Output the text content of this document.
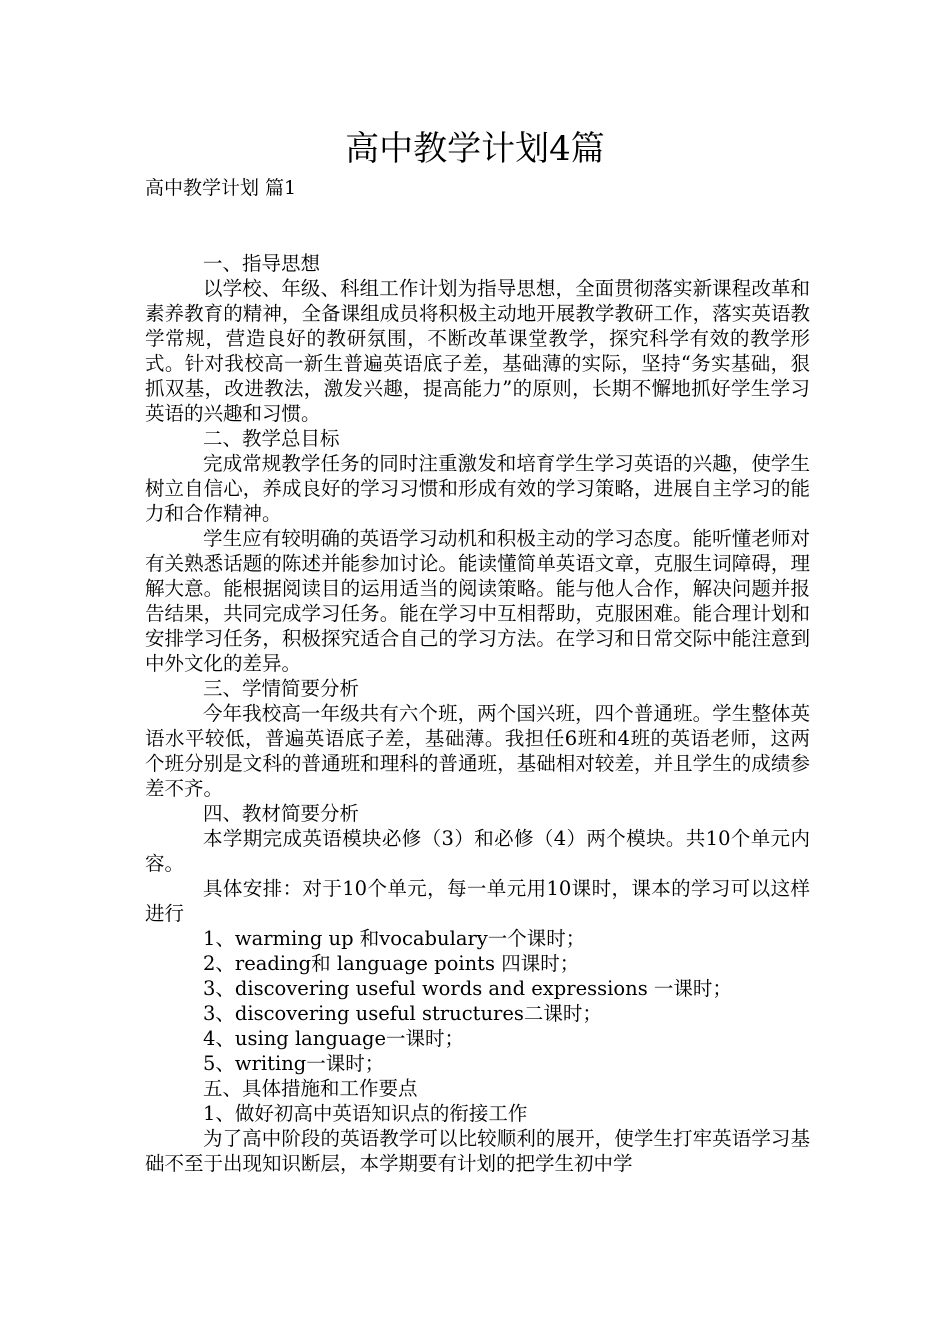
高中教学计划4篇
高中教学计划 篇1

一、指导思想

以学校、年级、科组工作计划为指导思想，全面贯彻落实新课程改革和素养教育的精神，全备课组成员将积极主动地开展教学教研工作，落实英语教学常规，营造良好的教研氛围，不断改革课堂教学，探究科学有效的教学形式。针对我校高一新生普遍英语底子差，基础薄的实际，坚持“务实基础，狠抓双基，改进教法，激发兴趣，提高能力”的原则，长期不懈地抓好学生学习英语的兴趣和习惯。

二、教学总目标

完成常规教学任务的同时注重激发和培育学生学习英语的兴趣，使学生树立自信心，养成良好的学习习惯和形成有效的学习策略，进展自主学习的能力和合作精神。

学生应有较明确的英语学习动机和积极主动的学习态度。能听懂老师对有关熟悉话题的陈述并能参加讨论。能读懂简单英语文章，克服生词障碍，理解大意。能根据阅读目的运用适当的阅读策略。能与他人合作，解决问题并报告结果，共同完成学习任务。能在学习中互相帮助，克服困难。能合理计划和安排学习任务，积极探究适合自己的学习方法。在学习和日常交际中能注意到中外文化的差异。

三、学情简要分析

今年我校高一年级共有六个班，两个国兴班，四个普通班。学生整体英语水平较低，普遍英语底子差，基础薄。我担任6班和4班的英语老师，这两个班分别是文科的普通班和理科的普通班，基础相对较差，并且学生的成绩参差不齐。

四、教材简要分析

本学期完成英语模块必修（3）和必修（4）两个模块。共10个单元内容。

具体安排：对于10个单元，每一单元用10课时，课本的学习可以这样进行

1、warming up 和vocabulary一个课时；

2、reading和 language points 四课时；

3、discovering useful words and expressions 一课时；

3、discovering useful structures二课时；

4、using language一课时；

5、writing一课时；

五、具体措施和工作要点

1、做好初高中英语知识点的衔接工作

为了高中阶段的英语教学可以比较顺利的展开，使学生打牢英语学习基础不至于出现知识断层，本学期要有计划的把学生初中学
